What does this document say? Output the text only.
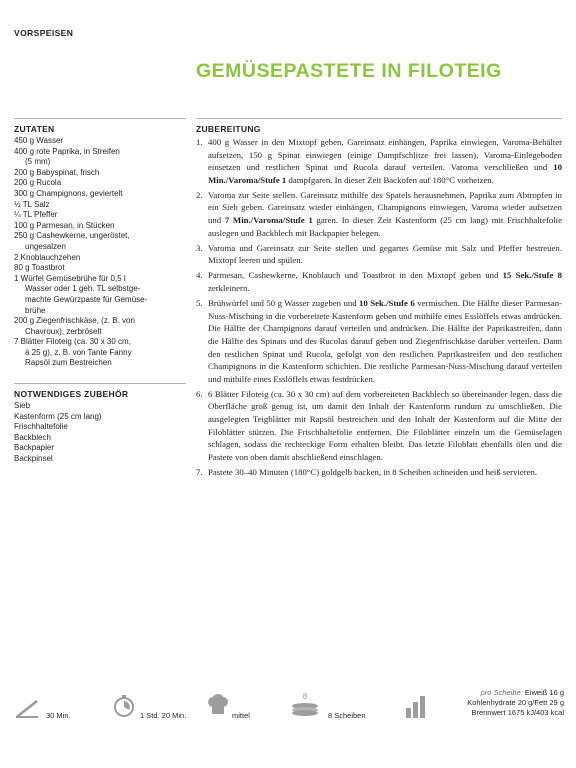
VORSPEISEN
GEMÜSEPASTETE IN FILOTEIG
ZUTATEN
450 g Wasser
400 g rote Paprika, in Streifen
(5 mm)
200 g Babyspinat, frisch
200 g Rucola
300 g Champignons, geviertelt
½ TL Salz
¼ TL Pfeffer
100 g Parmesan, in Stücken
250 g Cashewkerne, ungeröstet,
ungesalzen
2 Knoblauchzehen
80 g Toastbrot
1 Würfel Gemüsebrühe für 0,5 l
Wasser oder 1 geh. TL selbstge-
machte Gewürzpaste für Gemüse-
brühe
200 g Ziegenfrischkäse, (z. B. von
Chavroux), zerbröselt
7 Blätter Filoteig (ca. 30 x 30 cm,
à 25 g), z. B. von Tante Fanny
Rapsöl zum Bestreichen
NOTWENDIGES ZUBEHÖR
Sieb
Kastenform (25 cm lang)
Frischhaltefolie
Backblech
Backpapier
Backpinsel
ZUBEREITUNG
1. 400 g Wasser in den Mixtopf geben, Gareinsatz einhängen, Paprika einwiegen, Varoma-Behälter aufsetzen, 150 g Spinat einwiegen (einige Dampfschlitze frei lassen), Varoma-Einlegeboden einsetzen und restlichen Spinat und Rucola darauf verteilen. Varoma verschließen und 10 Min./Varoma/Stufe 1 dampfgaren. In dieser Zeit Backofen auf 180°C vorheizen.
2. Varoma zur Seite stellen. Gareinsatz mithilfe des Spatels herausnehmen, Paprika zum Abtropfen in ein Sieb geben. Gareinsatz wieder einhängen, Champignons einwiegen, Varoma wieder aufsetzen und 7 Min./Varoma/Stufe 1 garen. In dieser Zeit Kastenform (25 cm lang) mit Frischhaltefolie auslegen und Backblech mit Backpapier belegen.
3. Varoma und Gareinsatz zur Seite stellen und gegartes Gemüse mit Salz und Pfeffer bestreuen. Mixtopf leeren und spülen.
4. Parmesan, Cashewkerne, Knoblauch und Toastbrot in den Mixtopf geben und 15 Sek./Stufe 8 zerkleinern.
5. Brühwürfel und 50 g Wasser zugeben und 10 Sek./Stufe 6 vermischen. Die Hälfte dieser Parmesan-Nuss-Mischung in die vorbereitete Kastenform geben und mithilfe eines Esslöffels etwas andrücken. Die Hälfte der Champignons darauf verteilen und andrücken. Die Hälfte der Paprikastreifen, dann die Hälfte des Spinats und des Rucolas darauf geben und Ziegenfrischkäse darüber verteilen. Dann den restlichen Spinat und Rucola, gefolgt von den restlichen Paprikastreifen und den restlichen Champignons in die Kastenform schichten. Die restliche Parmesan-Nuss-Mischung darauf verteilen und mithilfe eines Esslöffels etwas festdrücken.
6. 6 Blätter Filoteig (ca. 30 x 30 cm) auf dem vorbereiteten Backblech so übereinander legen, dass die Oberfläche groß genug ist, um damit den Inhalt der Kastenform rundum zu umschließen. Die ausgelegten Teigblätter mit Rapsöl bestreichen und den Inhalt der Kastenform auf die Mitte der Filoblätter stürzen. Die Frischhaltefolie entfernen. Die Filoblätter einzeln um die Gemüselagen schlagen, sodass die rechteckige Form erhalten bleibt. Das letzte Filoblatt ebenfalls ölen und die Pastete von oben damit abschließend einschlagen.
7. Pastete 30–40 Minuten (180°C) goldgelb backen, in 8 Scheiben schneiden und heiß servieren.
30 Min.	1 Std. 20 Min.	mittel
8
8 Scheiben
pro Scheibe: Eiweiß 16 g
Kohlenhydrate 20 g/Fett 29 g
Brennwert 1675 kJ/403 kcal
